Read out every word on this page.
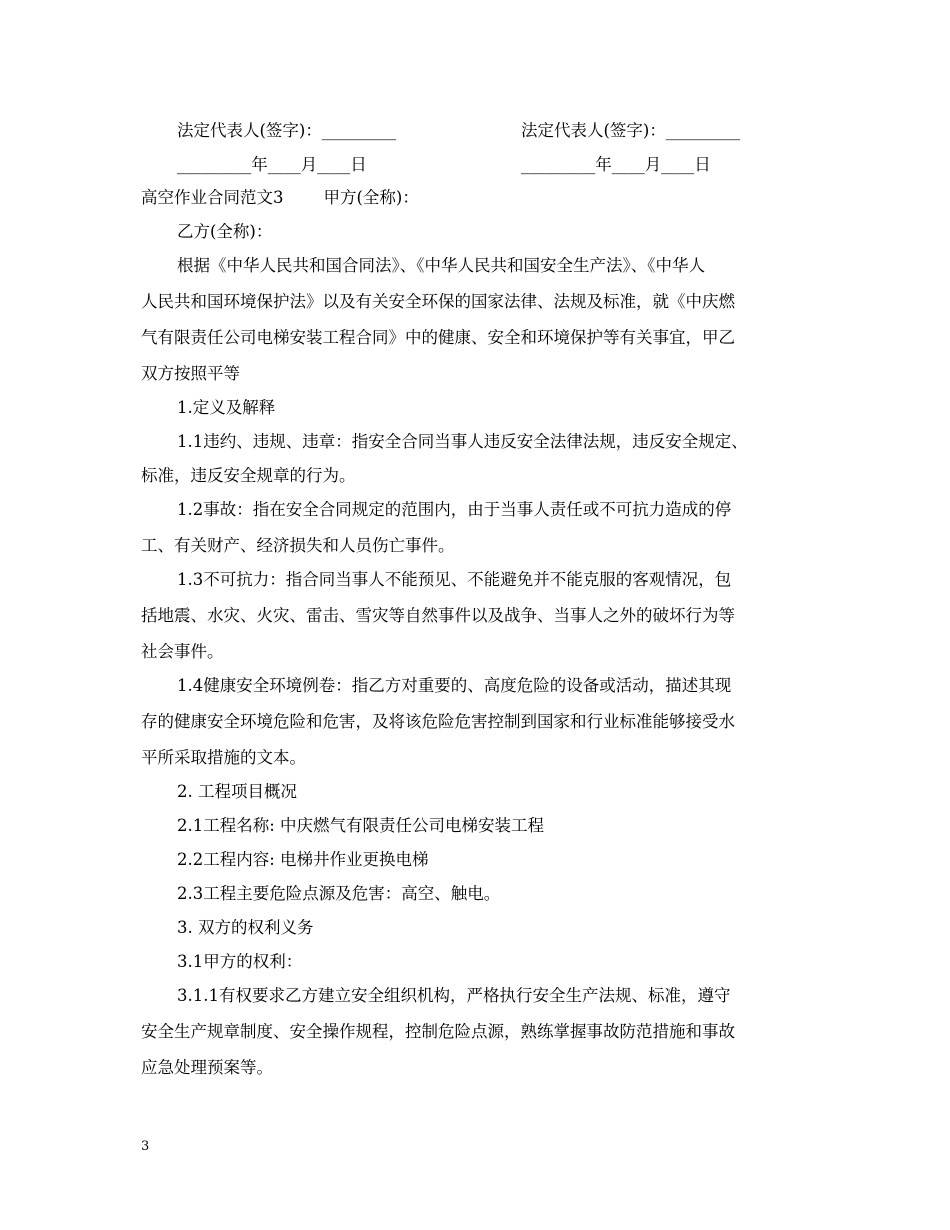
法定代表人(签字)：_________	法定代表人(签字)：_________
_________年____月____日	_________年____月____日
高空作业合同范文3 甲方(全称)：
乙方(全称)：
根据《中华人民共和国合同法》、《中华人民共和国安全生产法》、《中华人
人民共和国环境保护法》以及有关安全环保的国家法律、法规及标准，就《中庆燃
气有限责任公司电梯安装工程合同》中的健康、安全和环境保护等有关事宜，甲乙
双方按照平等
1.定义及解释
1.1违约、违规、违章：指安全合同当事人违反安全法律法规，违反安全规定、
标准，违反安全规章的行为。
1.2事故：指在安全合同规定的范围内，由于当事人责任或不可抗力造成的停
工、有关财产、经济损失和人员伤亡事件。
1.3不可抗力：指合同当事人不能预见、不能避免并不能克服的客观情况，包
括地震、水灾、火灾、雷击、雪灾等自然事件以及战争、当事人之外的破坏行为等
社会事件。
1.4健康安全环境例卷：指乙方对重要的、高度危险的设备或活动，描述其现
存的健康安全环境危险和危害，及将该危险危害控制到国家和行业标准能够接受水
平所采取措施的文本。
2. 工程项目概况
2.1工程名称: 中庆燃气有限责任公司电梯安装工程
2.2工程内容: 电梯井作业更换电梯
2.3工程主要危险点源及危害：高空、触电。
3. 双方的权利义务
3.1甲方的权利：
3.1.1有权要求乙方建立安全组织机构，严格执行安全生产法规、标准，遵守
安全生产规章制度、安全操作规程，控制危险点源，熟练掌握事故防范措施和事故
应急处理预案等。
3
